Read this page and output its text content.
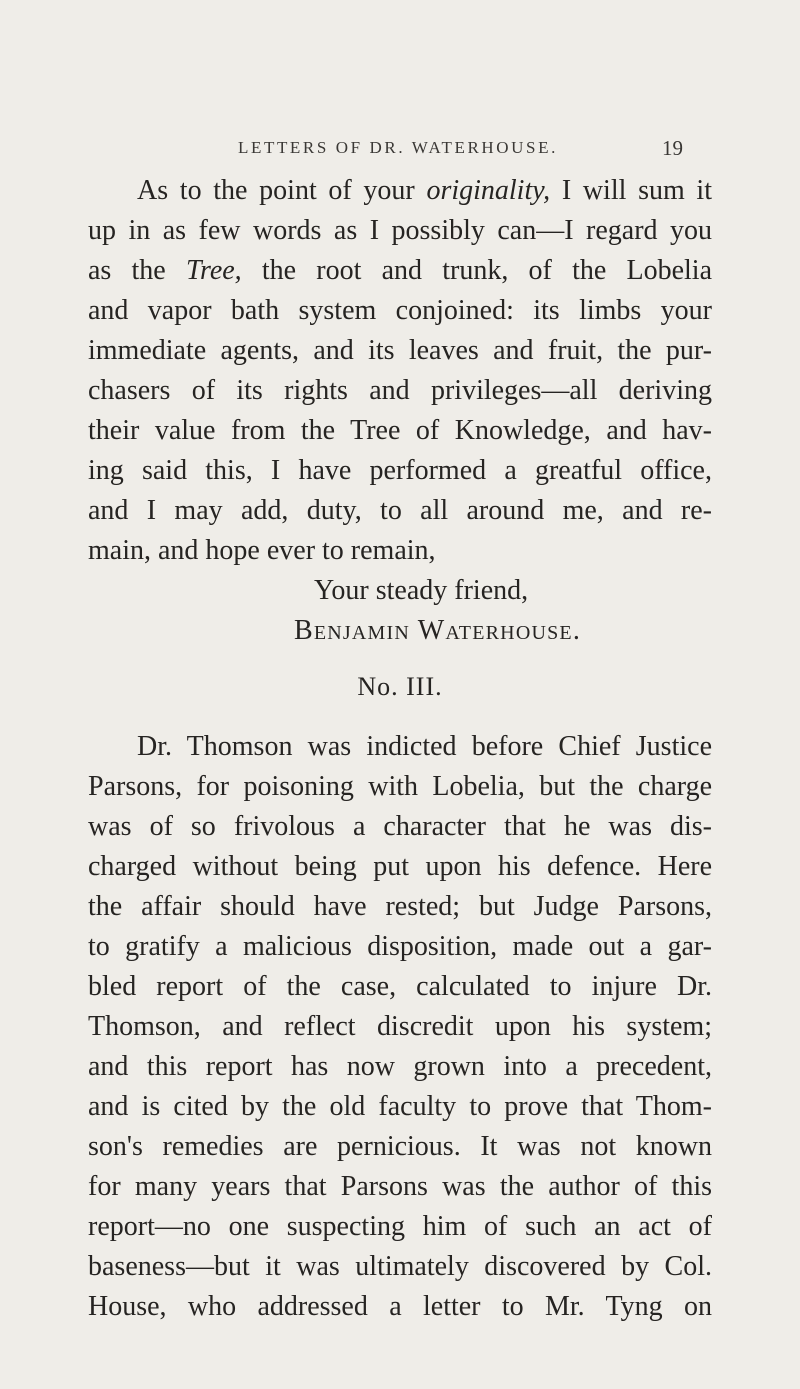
LETTERS OF DR. WATERHOUSE.	19
As to the point of your originality, I will sum it
up in as few words as I possibly can—I regard you
as the Tree, the root and trunk, of the Lobelia
and vapor bath system conjoined: its limbs your
immediate agents, and its leaves and fruit, the pur-
chasers of its rights and privileges—all deriving
their value from the Tree of Knowledge, and hav-
ing said this, I have performed a greatful office,
and I may add, duty, to all around me, and re-
main, and hope ever to remain,
Your steady friend,
Benjamin Waterhouse.
No. III.
Dr. Thomson was indicted before Chief Justice
Parsons, for poisoning with Lobelia, but the charge
was of so frivolous a character that he was dis-
charged without being put upon his defence. Here
the affair should have rested; but Judge Parsons,
to gratify a malicious disposition, made out a gar-
bled report of the case, calculated to injure Dr.
Thomson, and reflect discredit upon his system;
and this report has now grown into a precedent,
and is cited by the old faculty to prove that Thom-
son's remedies are pernicious. It was not known
for many years that Parsons was the author of this
report—no one suspecting him of such an act of
baseness—but it was ultimately discovered by Col.
House, who addressed a letter to Mr. Tyng on
